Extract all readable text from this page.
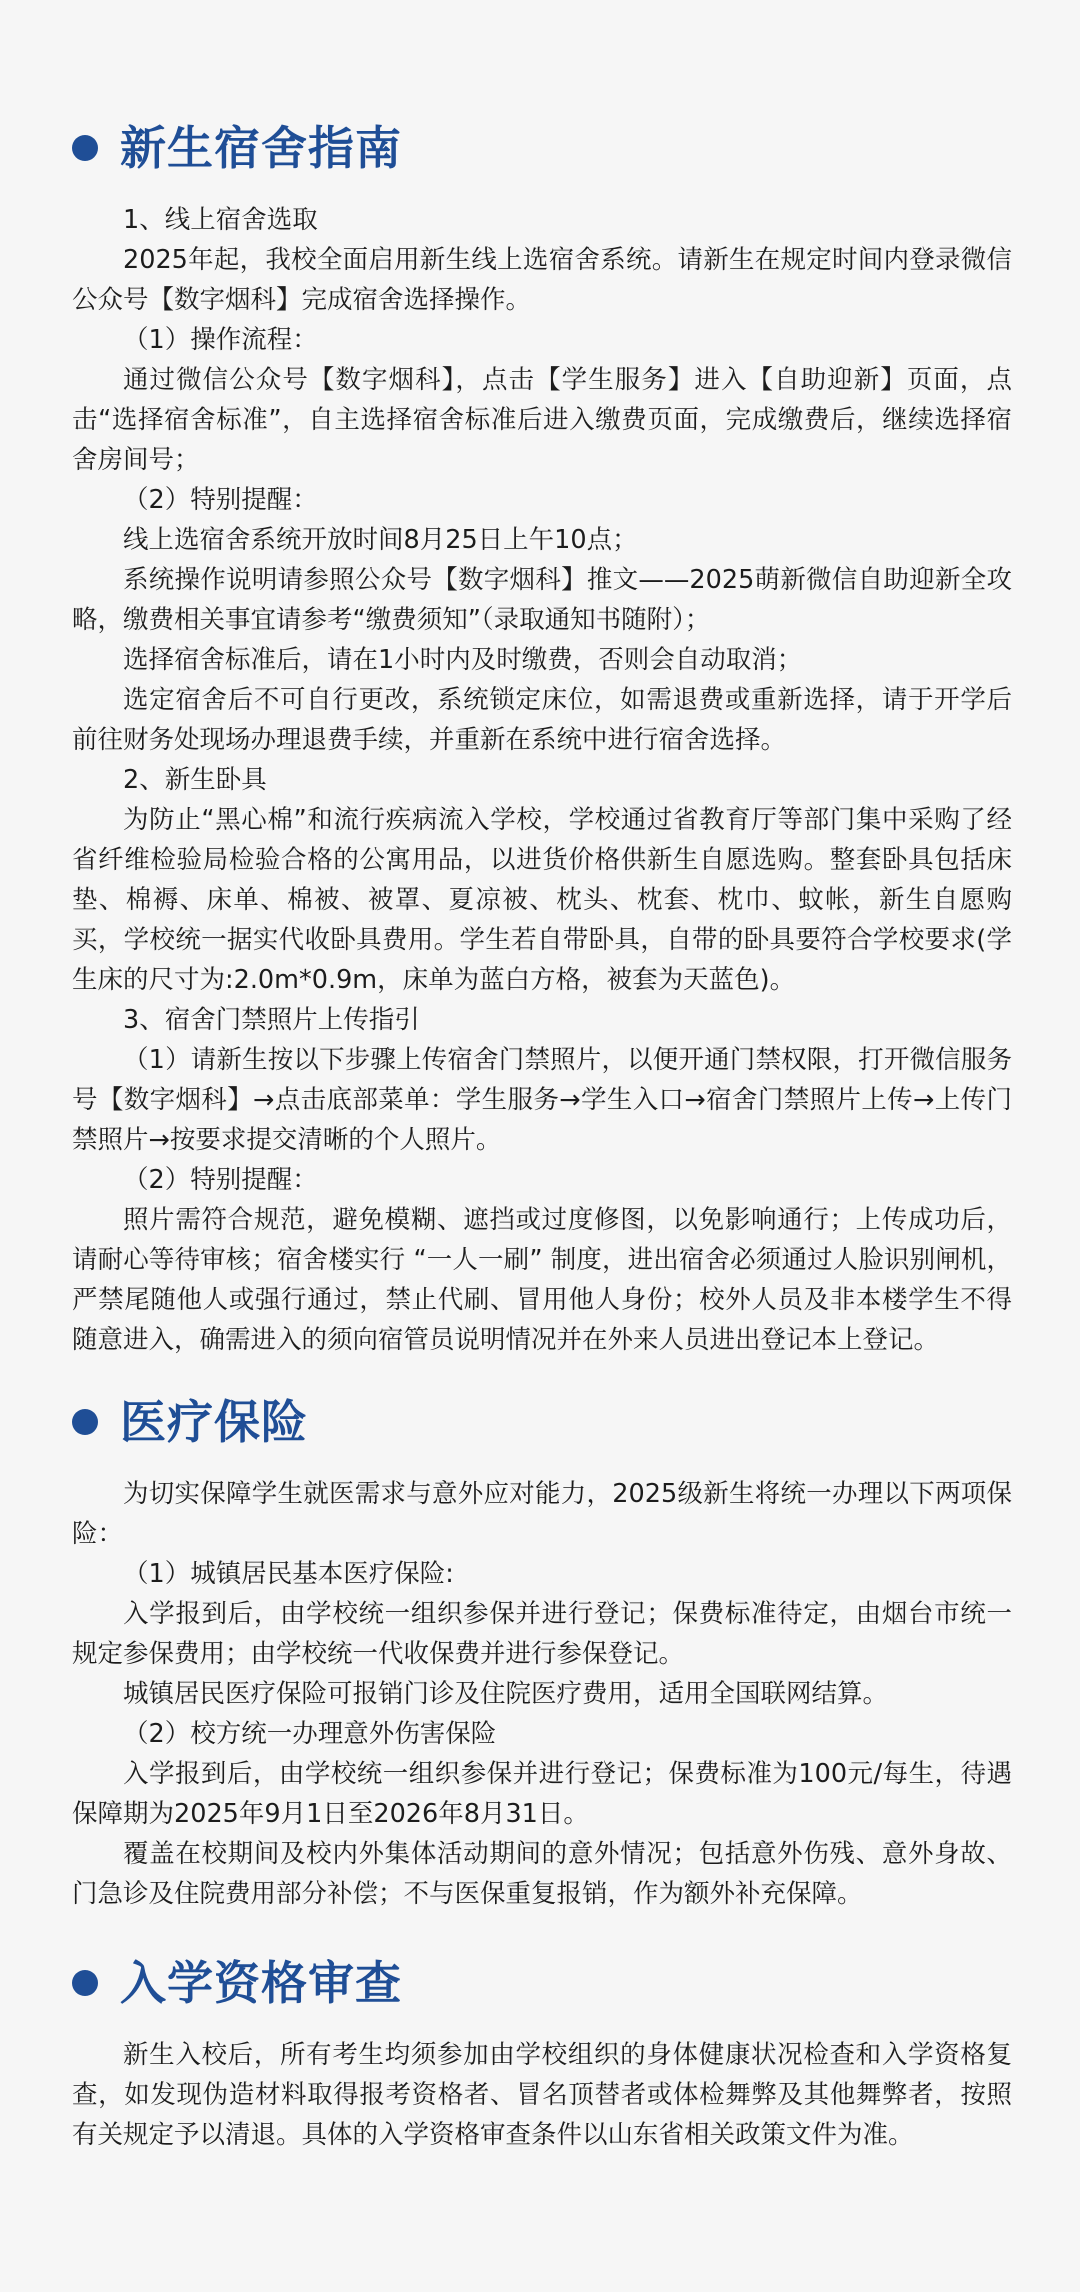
新生宿舍指南

1、线上宿舍选取

2025年起，我校全面启用新生线上选宿舍系统。请新生在规定时间内登录微信公众号【数字烟科】完成宿舍选择操作。

（1）操作流程：

通过微信公众号【数字烟科】，点击【学生服务】进入【自助迎新】页面，点击“选择宿舍标准”，自主选择宿舍标准后进入缴费页面，完成缴费后，继续选择宿舍房间号；

（2）特别提醒：

线上选宿舍系统开放时间8月25日上午10点；

系统操作说明请参照公众号【数字烟科】推文——2025萌新微信自助迎新全攻略，缴费相关事宜请参考“缴费须知”（录取通知书随附）；

选择宿舍标准后，请在1小时内及时缴费，否则会自动取消；

选定宿舍后不可自行更改，系统锁定床位，如需退费或重新选择，请于开学后前往财务处现场办理退费手续，并重新在系统中进行宿舍选择。

2、新生卧具

为防止“黑心棉”和流行疾病流入学校，学校通过省教育厅等部门集中采购了经省纤维检验局检验合格的公寓用品，以进货价格供新生自愿选购。整套卧具包括床垫、棉褥、床单、棉被、被罩、夏凉被、枕头、枕套、枕巾、蚊帐，新生自愿购买，学校统一据实代收卧具费用。学生若自带卧具，自带的卧具要符合学校要求(学生床的尺寸为:2.0m*0.9m，床单为蓝白方格，被套为天蓝色)。

3、宿舍门禁照片上传指引

（1）请新生按以下步骤上传宿舍门禁照片，以便开通门禁权限，打开微信服务号【数字烟科】→点击底部菜单：学生服务→学生入口→宿舍门禁照片上传→上传门禁照片→按要求提交清晰的个人照片。

（2）特别提醒：

照片需符合规范，避免模糊、遮挡或过度修图，以免影响通行；上传成功后，请耐心等待审核；宿舍楼实行 “一人一刷” 制度，进出宿舍必须通过人脸识别闸机，严禁尾随他人或强行通过，禁止代刷、冒用他人身份；校外人员及非本楼学生不得随意进入，确需进入的须向宿管员说明情况并在外来人员进出登记本上登记。

医疗保险

为切实保障学生就医需求与意外应对能力，2025级新生将统一办理以下两项保险：

（1）城镇居民基本医疗保险:

入学报到后，由学校统一组织参保并进行登记；保费标准待定，由烟台市统一规定参保费用；由学校统一代收保费并进行参保登记。

城镇居民医疗保险可报销门诊及住院医疗费用，适用全国联网结算。

（2）校方统一办理意外伤害保险

入学报到后，由学校统一组织参保并进行登记；保费标准为100元/每生，待遇保障期为2025年9月1日至2026年8月31日。

覆盖在校期间及校内外集体活动期间的意外情况；包括意外伤残、意外身故、门急诊及住院费用部分补偿；不与医保重复报销，作为额外补充保障。

入学资格审查

新生入校后，所有考生均须参加由学校组织的身体健康状况检查和入学资格复查，如发现伪造材料取得报考资格者、冒名顶替者或体检舞弊及其他舞弊者，按照有关规定予以清退。具体的入学资格审查条件以山东省相关政策文件为准。
